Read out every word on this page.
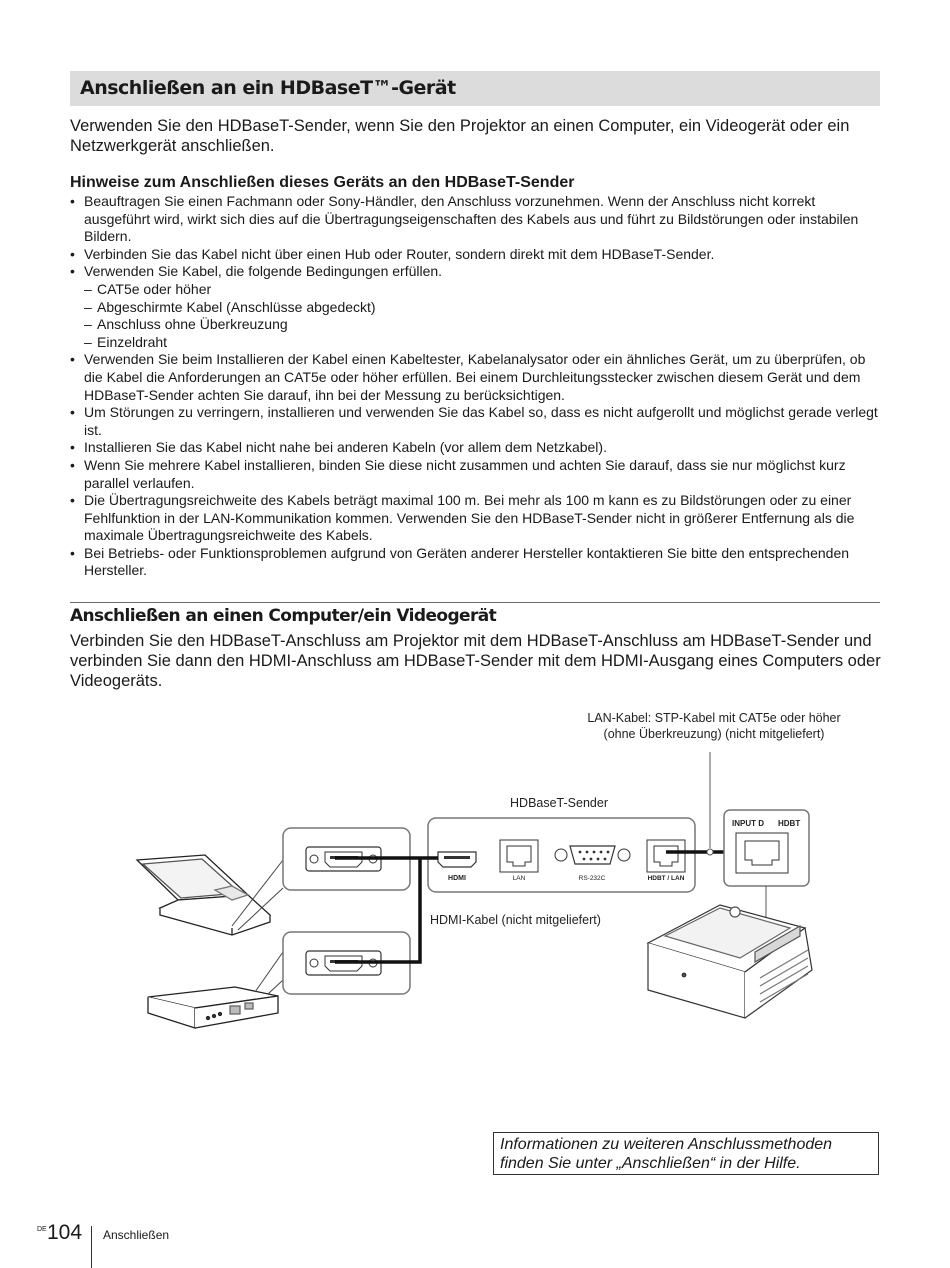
Anschließen an ein HDBaseT™-Gerät

Verwenden Sie den HDBaseT-Sender, wenn Sie den Projektor an einen Computer, ein Videogerät oder ein Netzwerkgerät anschließen.

Hinweise zum Anschließen dieses Geräts an den HDBaseT-Sender
• Beauftragen Sie einen Fachmann oder Sony-Händler, den Anschluss vorzunehmen. Wenn der Anschluss nicht korrekt ausgeführt wird, wirkt sich dies auf die Übertragungseigenschaften des Kabels aus und führt zu Bildstörungen oder instabilen Bildern.
• Verbinden Sie das Kabel nicht über einen Hub oder Router, sondern direkt mit dem HDBaseT-Sender.
• Verwenden Sie Kabel, die folgende Bedingungen erfüllen.
– CAT5e oder höher
– Abgeschirmte Kabel (Anschlüsse abgedeckt)
– Anschluss ohne Überkreuzung
– Einzeldraht
• Verwenden Sie beim Installieren der Kabel einen Kabeltester, Kabelanalysator oder ein ähnliches Gerät, um zu überprüfen, ob die Kabel die Anforderungen an CAT5e oder höher erfüllen. Bei einem Durchleitungsstecker zwischen diesem Gerät und dem HDBaseT-Sender achten Sie darauf, ihn bei der Messung zu berücksichtigen.
• Um Störungen zu verringern, installieren und verwenden Sie das Kabel so, dass es nicht aufgerollt und möglichst gerade verlegt ist.
• Installieren Sie das Kabel nicht nahe bei anderen Kabeln (vor allem dem Netzkabel).
• Wenn Sie mehrere Kabel installieren, binden Sie diese nicht zusammen und achten Sie darauf, dass sie nur möglichst kurz parallel verlaufen.
• Die Übertragungsreichweite des Kabels beträgt maximal 100 m. Bei mehr als 100 m kann es zu Bildstörungen oder zu einer Fehlfunktion in der LAN-Kommunikation kommen. Verwenden Sie den HDBaseT-Sender nicht in größerer Entfernung als die maximale Übertragungsreichweite des Kabels.
• Bei Betriebs- oder Funktionsproblemen aufgrund von Geräten anderer Hersteller kontaktieren Sie bitte den entsprechenden Hersteller.
Anschließen an einen Computer/ein Videogerät

Verbinden Sie den HDBaseT-Anschluss am Projektor mit dem HDBaseT-Anschluss am HDBaseT-Sender und verbinden Sie dann den HDMI-Anschluss am HDBaseT-Sender mit dem HDMI-Ausgang eines Computers oder Videogeräts.

LAN-Kabel: STP-Kabel mit CAT5e oder höher
(ohne Überkreuzung) (nicht mitgeliefert)
HDBaseT-Sender
HDMI	LAN	RS-232C	HDBT / LAN
HDMI-Kabel (nicht mitgeliefert)
INPUT D HDBT
Informationen zu weiteren Anschlussmethoden
finden Sie unter „Anschließen“ in der Hilfe.
DE 104 Anschließen
